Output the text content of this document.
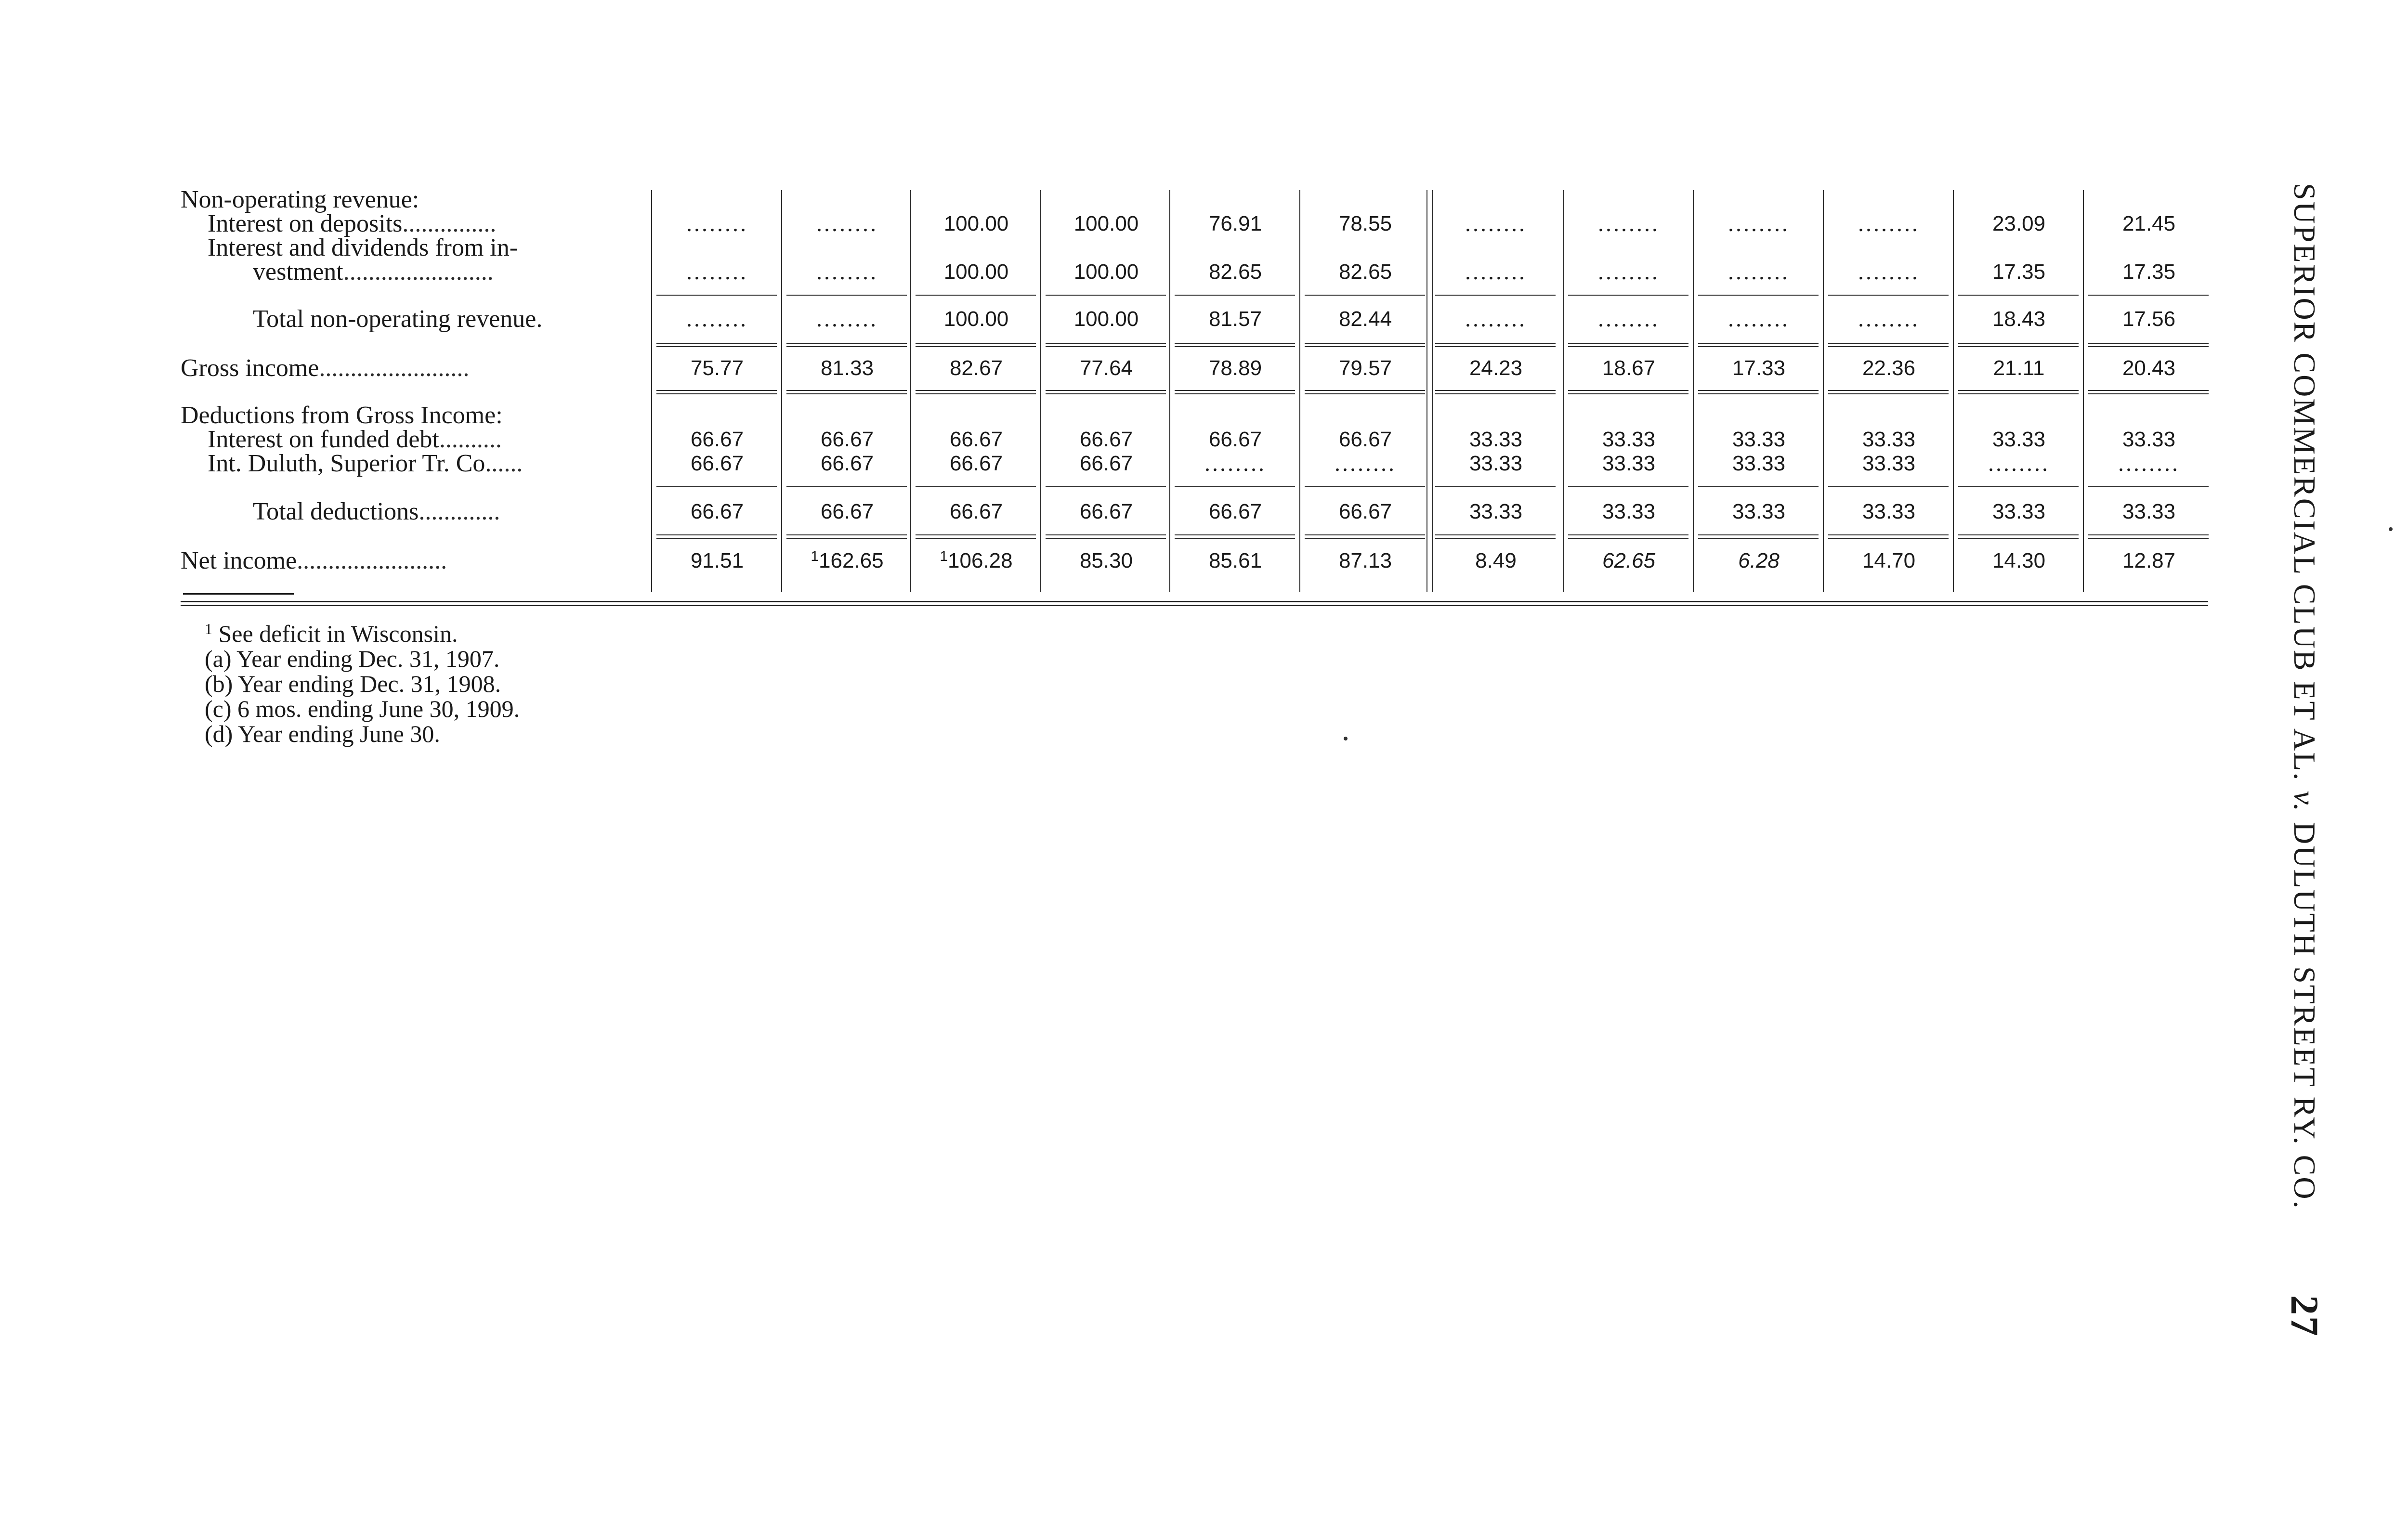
Non-operating revenue:
Interest on deposits...............	........	........	100.00	100.00	76.91	78.55	........	........	........	........	23.09	21.45
Interest and dividends from in-
vestment........................	........	........	100.00	100.00	82.65	82.65	........	........	........	........	17.35	17.35
Total non-operating revenue.	........	........	100.00	100.00	81.57	82.44	........	........	........	........	18.43	17.56
Gross income........................	75.77	81.33	82.67	77.64	78.89	79.57	24.23	18.67	17.33	22.36	21.11	20.43
Deductions from Gross Income:
Interest on funded debt..........	66.67	66.67	66.67	66.67	66.67	66.67	33.33	33.33	33.33	33.33	33.33	33.33
Int. Duluth, Superior Tr. Co......	66.67	66.67	66.67	66.67	........	........	33.33	33.33	33.33	33.33	........	........
Total deductions.............	66.67	66.67	66.67	66.67	66.67	66.67	33.33	33.33	33.33	33.33	33.33	33.33
Net income........................	91.51	$^1$162.65	$^1$106.28	85.30	85.61	87.13	8.49	62.65	6.28	14.70	14.30	12.87
$^1$ See deficit in Wisconsin.
(a) Year ending Dec. 31, 1907.
(b) Year ending Dec. 31, 1908.
(c) 6 mos. ending June 30, 1909.
(d) Year ending June 30.	SUPERIOR COMMERCIAL CLUB ET AL. v. DULUTH STREET RY. CO.
27
